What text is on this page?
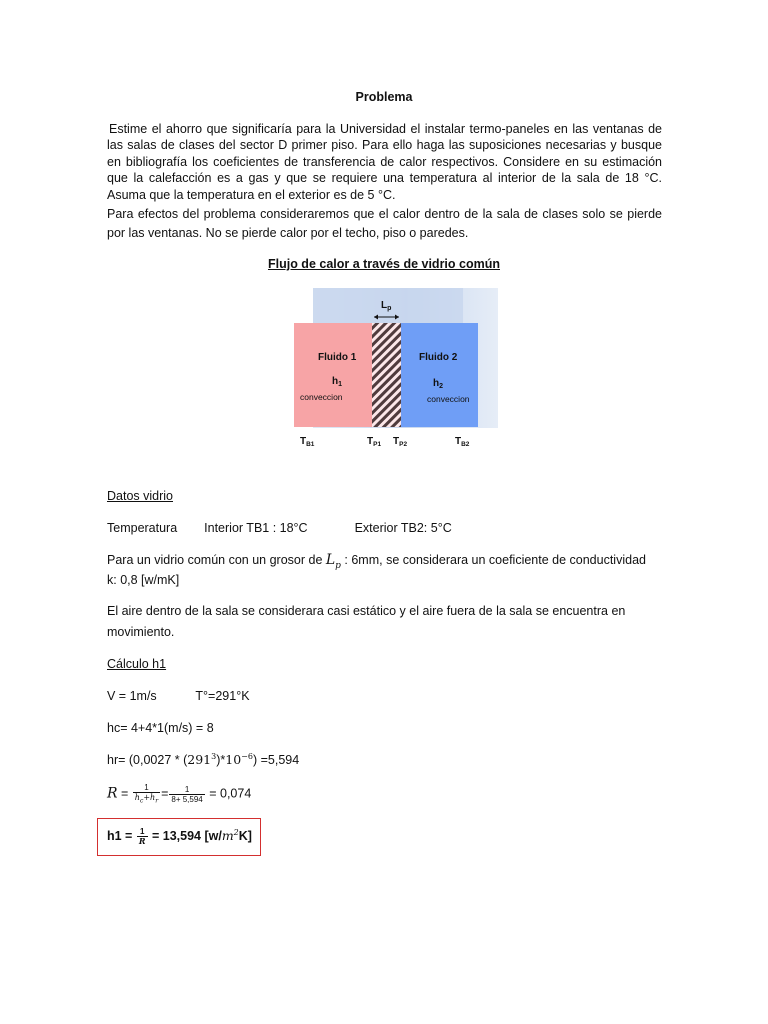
Problema

Estime el ahorro que significaría para la Universidad el instalar termo-paneles en las ventanas de las salas de clases del sector D primer piso. Para ello haga las suposiciones necesarias y busque en bibliografía los coeficientes de transferencia de calor respectivos. Considere en su estimación que la calefacción es a gas y que se requiere una temperatura al interior de la sala de 18 °C. Asuma que la temperatura en el exterior es de 5 °C.

Para efectos del problema consideraremos que el calor dentro de la sala de clases solo se pierde por las ventanas. No se pierde calor por el techo, piso o paredes.

Flujo de calor a través de vidrio común
$L_p$
Fluido 1
$h_1$
conveccion
Fluido 2
$h_2$
conveccion
$T_{B1}$	$T_{P1}$ $T_{P2}$	$T_{B2}$
Datos vidrio
Temperatura Interior TB1 : 18°C	Exterior TB2: 5°C
Para un vidrio común con un grosor de $L_p$ : 6mm, se considerara un coeficiente de conductividad
k: 0,8 [w/mK]
El aire dentro de la sala se considerara casi estático y el aire fuera de la sala se encuentra en
movimiento.
Cálculo h1
V = 1m/s	T°=291°K
hc= 4+4*1(m/s) = 8
$hr= (0,0027 * (291^3)*10^{-6}) =5,594$
$R = \frac{1}{h_c+h_r} = \frac{1}{8+ 5,594} = 0,074$
$h1 = \frac{1}{R} = 13,594$ $[w/m^2K]$
